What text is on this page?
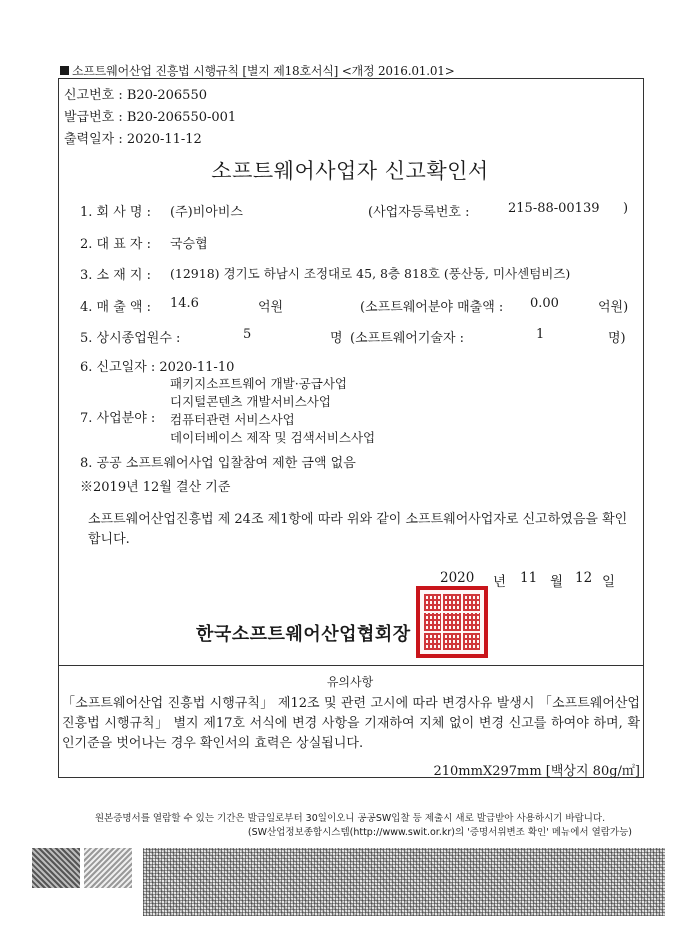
소프트웨어산업 진흥법 시행규칙 [별지 제18호서식] <개정 2016.01.01>
신고번호 : B20-206550
발급번호 : B20-206550-001
출력일자 : 2020-11-12
소프트웨어사업자 신고확인서
1. 회 사 명 : (주)비아비스	(사업자등록번호 :	215-88-00139 )
2. 대 표 자 : 국승협
3. 소 재 지 : (12918) 경기도 하남시 조정대로 45, 8층 818호 (풍산동, 미사센텀비즈)
4. 매 출 액 : 14.6	억원	(소프트웨어분야 매출액 : 0.00	억원)
5. 상시종업원수 :	5	명 (소프트웨어기술자 :	1	명)
6. 신고일자 : 2020-11-10
패키지소프트웨어 개발·공급사업
디지털콘텐츠 개발서비스사업
7. 사업분야 : 컴퓨터관련 서비스사업
데이터베이스 제작 및 검색서비스사업
8. 공공 소프트웨어사업 입찰참여 제한 금액 없음
※2019년 12월 결산 기준
소프트웨어산업진흥법 제 24조 제1항에 따라 위와 같이 소프트웨어사업자로 신고하였음을 확인합니다.
2020 년 11 월 12 일
한국소프트웨어산업협회장
유의사항
「소프트웨어산업 진흥법 시행규칙」 제12조 및 관련 고시에 따라 변경사유 발생시 「소프트웨어산업 진흥법 시행규칙」 별지 제17호 서식에 변경 사항을 기재하여 지체 없이 변경 신고를 하여야 하며, 확인기준을 벗어나는 경우 확인서의 효력은 상실됩니다.
210mmX297mm [백상지 80g/㎡]
원본증명서를 열람할 수 있는 기간은 발급일로부터 30일이오니 공공SW입찰 등 제출시 새로 발급받아 사용하시기 바랍니다.
(SW산업정보종합시스템(http://www.swit.or.kr)의 '증명서위변조 확인' 메뉴에서 열람가능)
